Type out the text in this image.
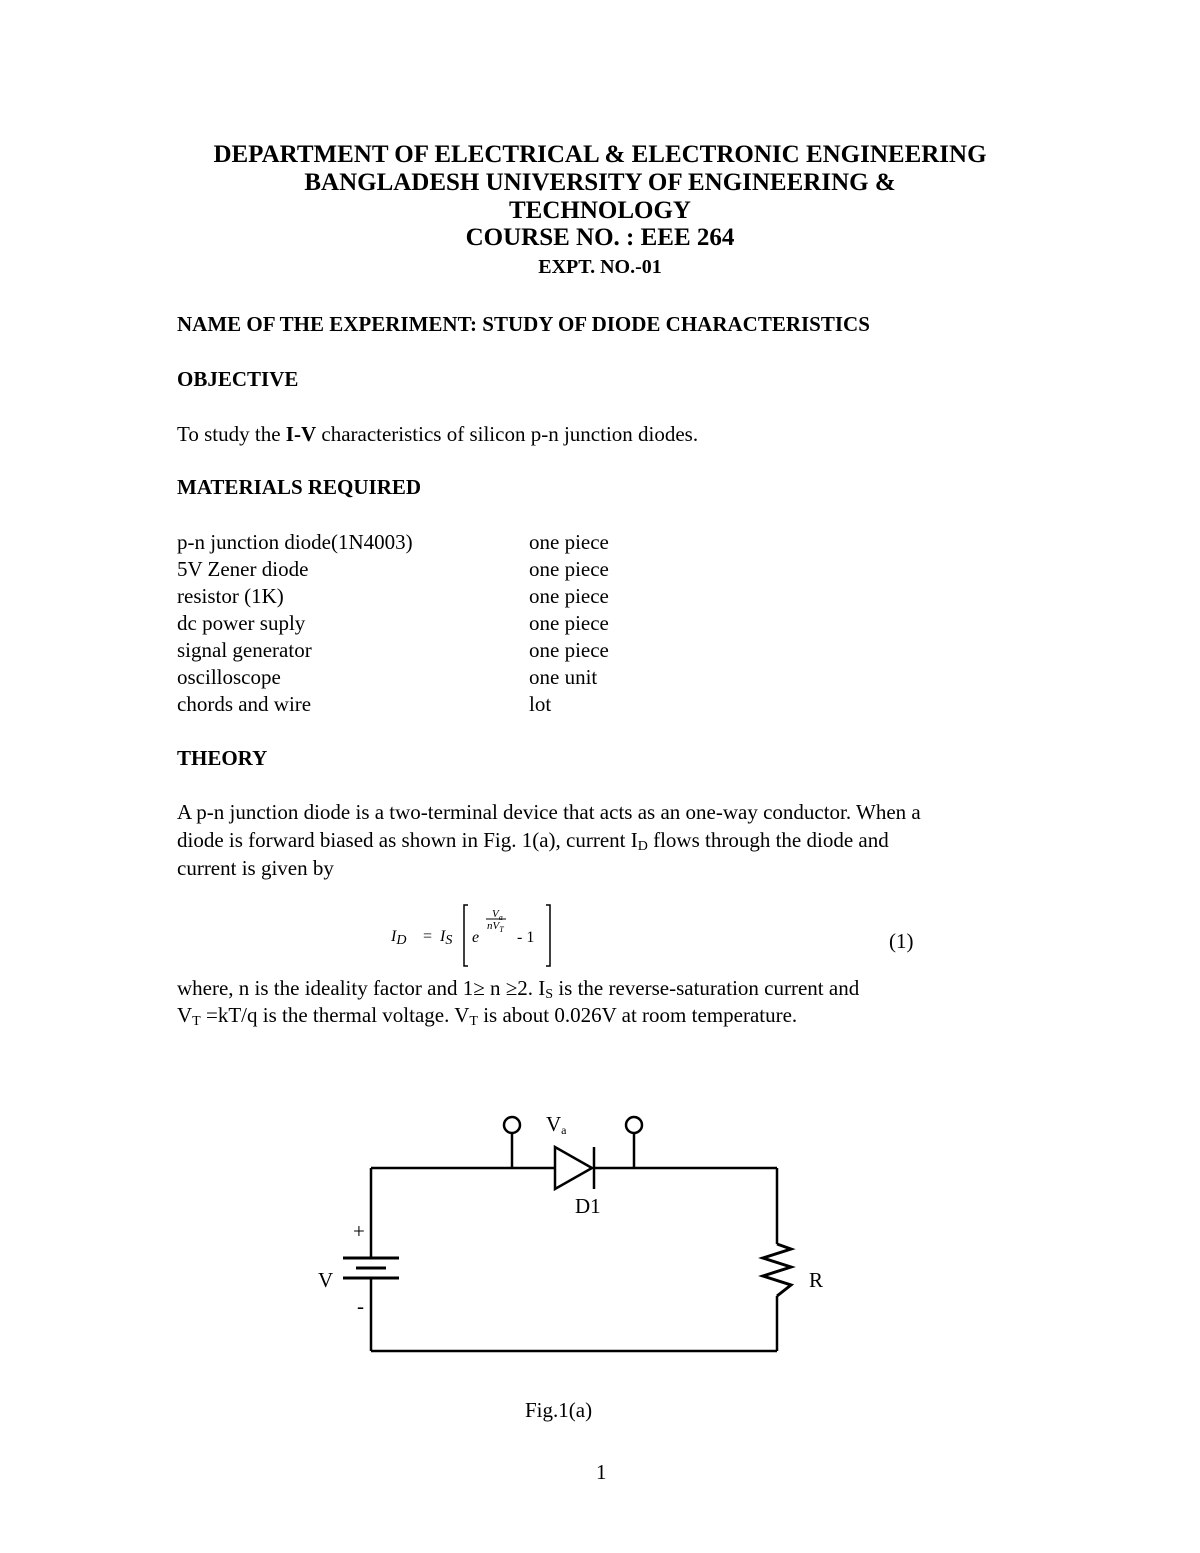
DEPARTMENT OF ELECTRICAL & ELECTRONIC ENGINEERING
BANGLADESH UNIVERSITY OF ENGINEERING &
TECHNOLOGY
COURSE NO. : EEE 264
EXPT. NO.-01
NAME OF THE EXPERIMENT: STUDY OF DIODE CHARACTERISTICS
OBJECTIVE
To study the I-V characteristics of silicon p-n junction diodes.
MATERIALS REQUIRED
p-n junction diode(1N4003)	one piece
5V Zener diode	one piece
resistor (1K)	one piece
dc power suply	one piece
signal generator	one piece
oscilloscope	one unit
chords and wire	lot
THEORY
A p-n junction diode is a two-terminal device that acts as an one-way conductor. When a
diode is forward biased as shown in Fig. 1(a), current $I_D$ flows through the diode and
current is given by
$I_D = I_S$ e
$V_a$
$nV_T - 1$	(1)
where, n is the ideality factor and 1≥ n ≥2. $I_S$ is the reverse-saturation current and
$V_T =kT/q$ is the thermal voltage. $V_T$ is about 0.026V at room temperature.
$V_a$
D1
+
-
V	R
Fig.1(a)
1
